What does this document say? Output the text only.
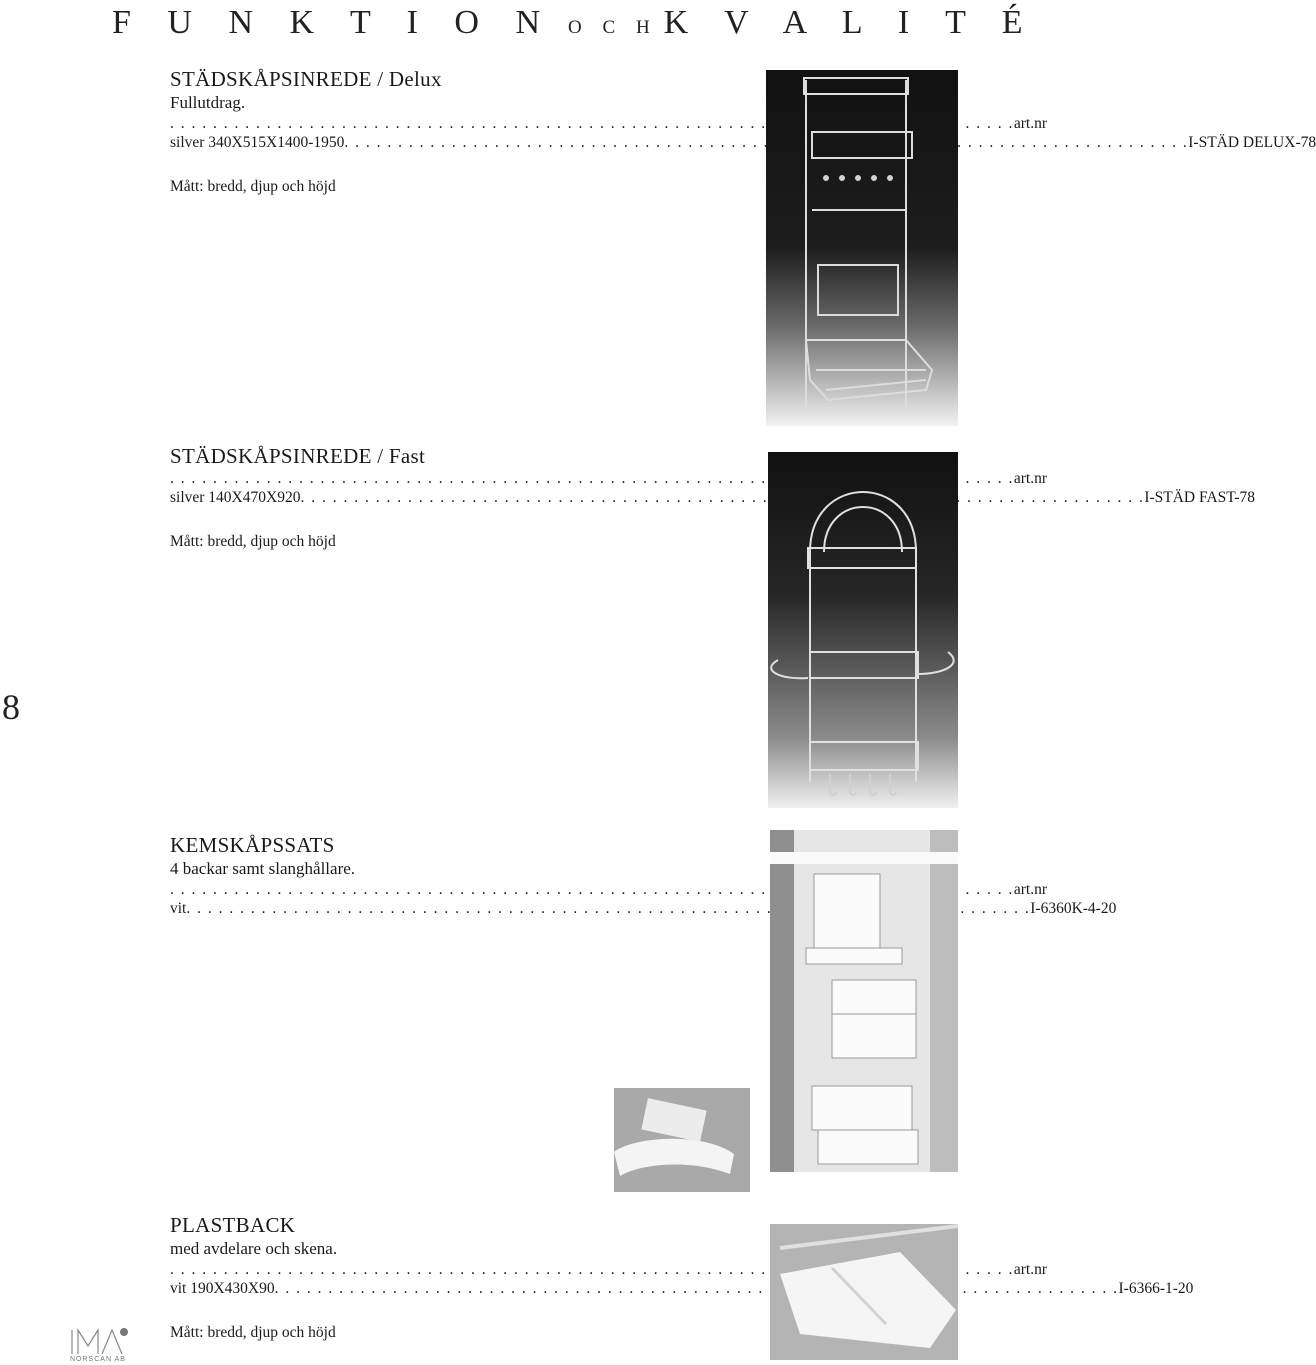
F U N K T I O N O C H K V A L I T É
STÄDSKÅPSINREDE / Delux
Fullutdrag.
. . .
art.nr
silver 340X515X1400-1950 . . .	I-STÄD DELUX-78
Mått: bredd, djup och höjd
STÄDSKÅPSINREDE / Fast
. . .
art.nr
silver 140X470X920 . . .	I-STÄD FAST-78
Mått: bredd, djup och höjd
KEMSKÅPSSATS
4 backar samt slanghållare.
. . .
art.nr
vit . . .	I-6360K-4-20
PLASTBACK
med avdelare och skena.
. . .
art.nr
vit 190X430X90 . . .	I-6366-1-20
Mått: bredd, djup och höjd
8
NORSCAN AB
